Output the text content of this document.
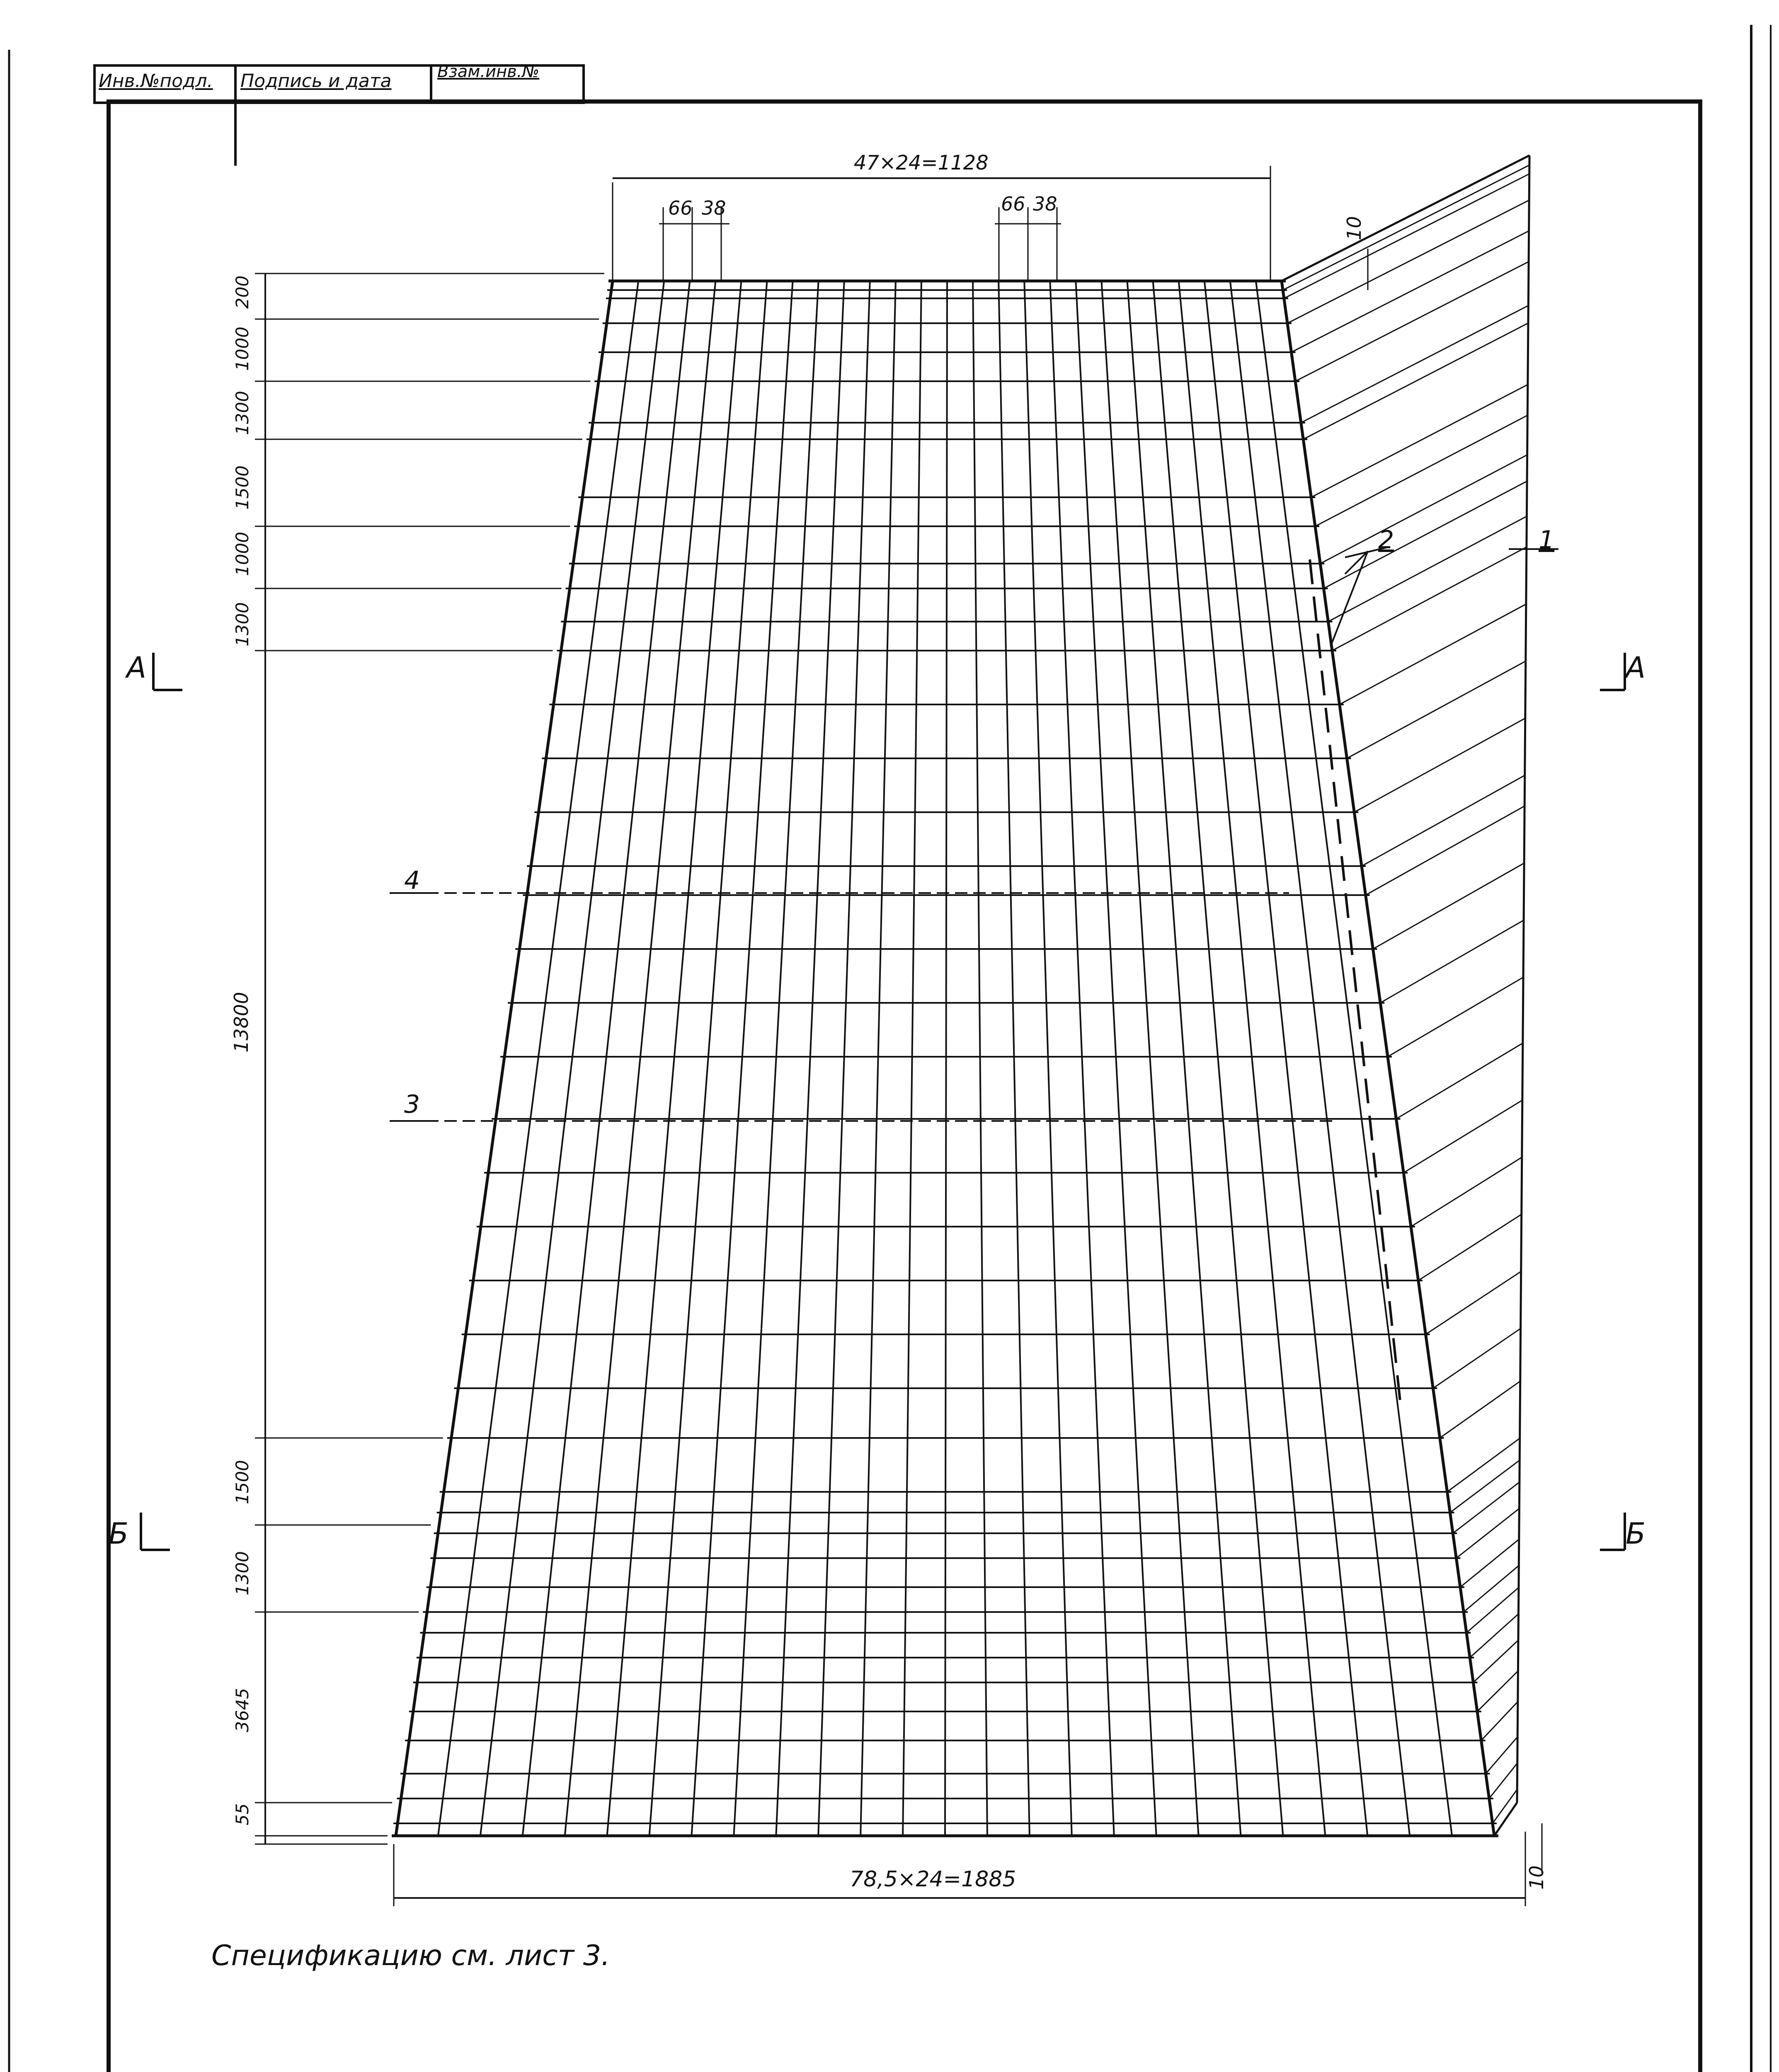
Инв.№подл. Подпись и дата	Взам.инв.№
47×24=1128
66 38	66 38
10
200
1000
1300
1500
1000
1300
13800
1500
1300
3645
55
1
2
3
4
А	А
Б	Б
78,5×24=1885	10
Спецификацию см. лист 3.
